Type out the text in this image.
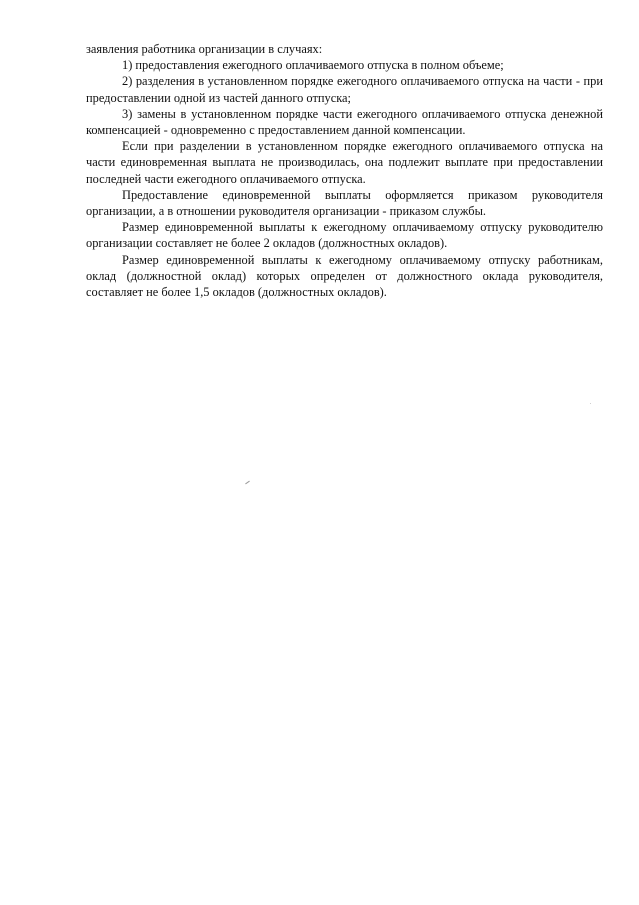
заявления работника организации в случаях:

1) предоставления ежегодного оплачиваемого отпуска в полном объеме;

2) разделения в установленном порядке ежегодного оплачиваемого отпуска на части - при предоставлении одной из частей данного отпуска;

3) замены в установленном порядке части ежегодного оплачиваемого отпуска денежной компенсацией - одновременно с предоставлением данной компенсации.

Если при разделении в установленном порядке ежегодного оплачиваемого отпуска на части единовременная выплата не производилась, она подлежит выплате при предоставлении последней части ежегодного оплачиваемого отпуска.

Предоставление единовременной выплаты оформляется приказом руководителя организации, а в отношении руководителя организации - приказом службы.

Размер единовременной выплаты к ежегодному оплачиваемому отпуску руководителю организации составляет не более 2 окладов (должностных окладов).

Размер единовременной выплаты к ежегодному оплачиваемому отпуску работникам, оклад (должностной оклад) которых определен от должностного оклада руководителя, составляет не более 1,5 окладов (должностных окладов).
